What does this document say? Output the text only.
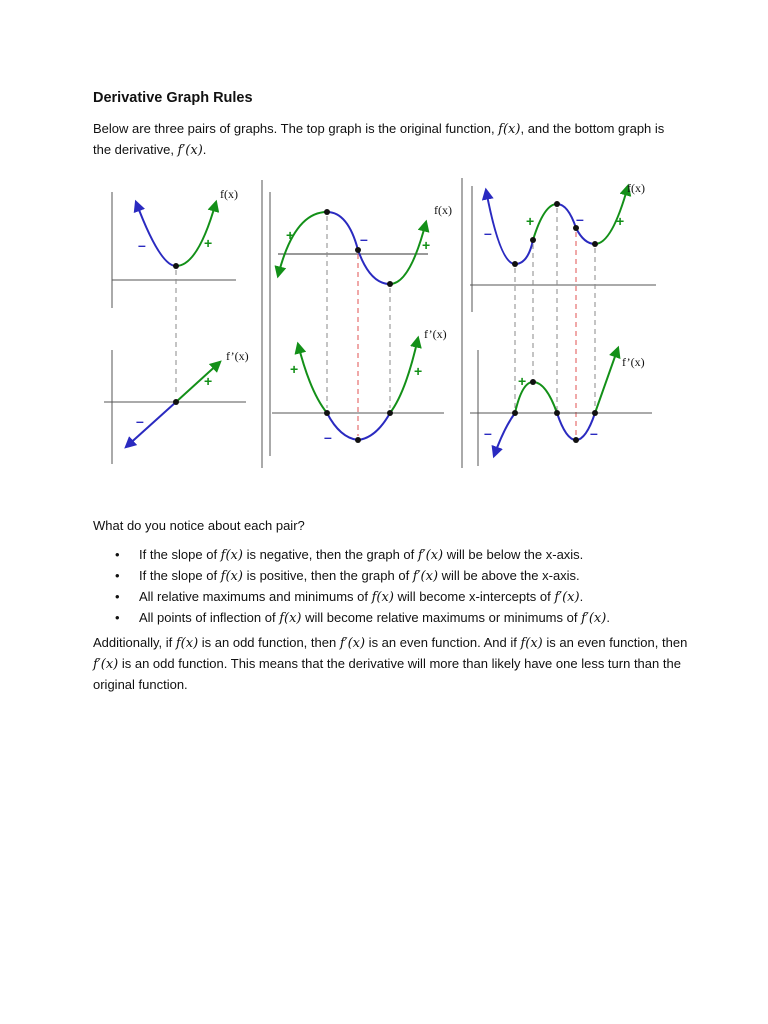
Derivative Graph Rules

Below are three pairs of graphs. The top graph is the original function, f(x), and the bottom graph is the derivative, f′(x).

f(x)
–	+
f’(x)
–
+
f(x)
+	–	+
f’(x)
+
–
+
f(x)
–
+	– +
f’(x)
–
+
–

What do you notice about each pair?

• If the slope of f(x) is negative, then the graph of f′(x) will be below the x-axis.
• If the slope of f(x) is positive, then the graph of f′(x) will be above the x-axis.
• All relative maximums and minimums of f(x) will become x-intercepts of f′(x).
• All points of inflection of f(x) will become relative maximums or minimums of f′(x).

Additionally, if f(x) is an odd function, then f′(x) is an even function. And if f(x) is an even function, then f′(x) is an odd function. This means that the derivative will more than likely have one less turn than the original function.
